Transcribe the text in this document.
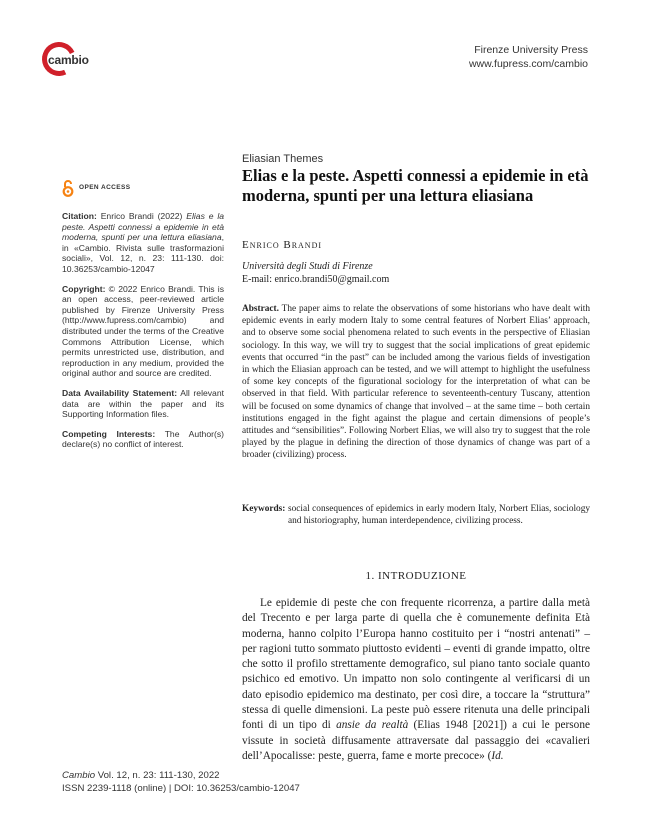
cambio
Firenze University Press
www.fupress.com/cambio
OPEN ACCESS
Citation: Enrico Brandi (2022) Elias e la peste. Aspetti connessi a epidemie in età moderna, spunti per una lettura eliasiana, in «Cambio. Rivista sulle trasformazioni sociali», Vol. 12, n. 23: 111-130. doi: 10.36253/cambio-12047
Copyright: © 2022 Enrico Brandi. This is an open access, peer-reviewed article published by Firenze University Press (http://www.fupress.com/cambio) and distributed under the terms of the Creative Commons Attribution License, which permits unrestricted use, distribution, and reproduction in any medium, provided the original author and source are credited.
Data Availability Statement: All relevant data are within the paper and its Supporting Information files.
Competing Interests: The Author(s) declare(s) no conflict of interest.
Eliasian Themes
Elias e la peste. Aspetti connessi a epidemie in età moderna, spunti per una lettura eliasiana
Enrico Brandi
Università degli Studi di Firenze
E-mail: enrico.brandi50@gmail.com
Abstract. The paper aims to relate the observations of some historians who have dealt with epidemic events in early modern Italy to some central features of Norbert Elias’ approach, and to observe some social phenomena related to such events in the perspective of Eliasian sociology. In this way, we will try to suggest that the social implications of great epidemic events that occurred “in the past” can be included among the various fields of investigation in which the Eliasian approach can be tested, and we will attempt to highlight the usefulness of some key concepts of the figurational sociology for the interpretation of what can be observed in that field. With particular reference to seventeenth-century Tuscany, attention will be focused on some dynamics of change that involved – at the same time – both certain institutions engaged in the fight against the plague and certain dimensions of people’s attitudes and “sensibilities”. Following Norbert Elias, we will also try to suggest that the role played by the plague in defining the direction of those dynamics of change was part of a broader (civilizing) process.
Keywords: social consequences of epidemics in early modern Italy, Norbert Elias, sociology and historiography, human interdependence, civilizing process.
1. INTRODUZIONE

Le epidemie di peste che con frequente ricorrenza, a partire dalla metà del Trecento e per larga parte di quella che è comunemente definita Età moderna, hanno colpito l’Europa hanno costituito per i “nostri antenati” – per ragioni tutto sommato piuttosto evidenti – eventi di grande impatto, oltre che sotto il profilo strettamente demografico, sul piano tanto sociale quanto psichico ed emotivo. Un impatto non solo contingente al verificarsi di un dato episodio epidemico ma destinato, per così dire, a toccare la “struttura” stessa di quelle dimensioni. La peste può essere ritenuta una delle principali fonti di un tipo di ansie da realtà (Elias 1948 [2021]) a cui le persone vissute in società diffusamente attraversate dal passaggio dei «cavalieri dell’Apocalisse: peste, guerra, fame e morte precoce» (Id.

Cambio Vol. 12, n. 23: 111-130, 2022
ISSN 2239-1118 (online) | DOI: 10.36253/cambio-12047
